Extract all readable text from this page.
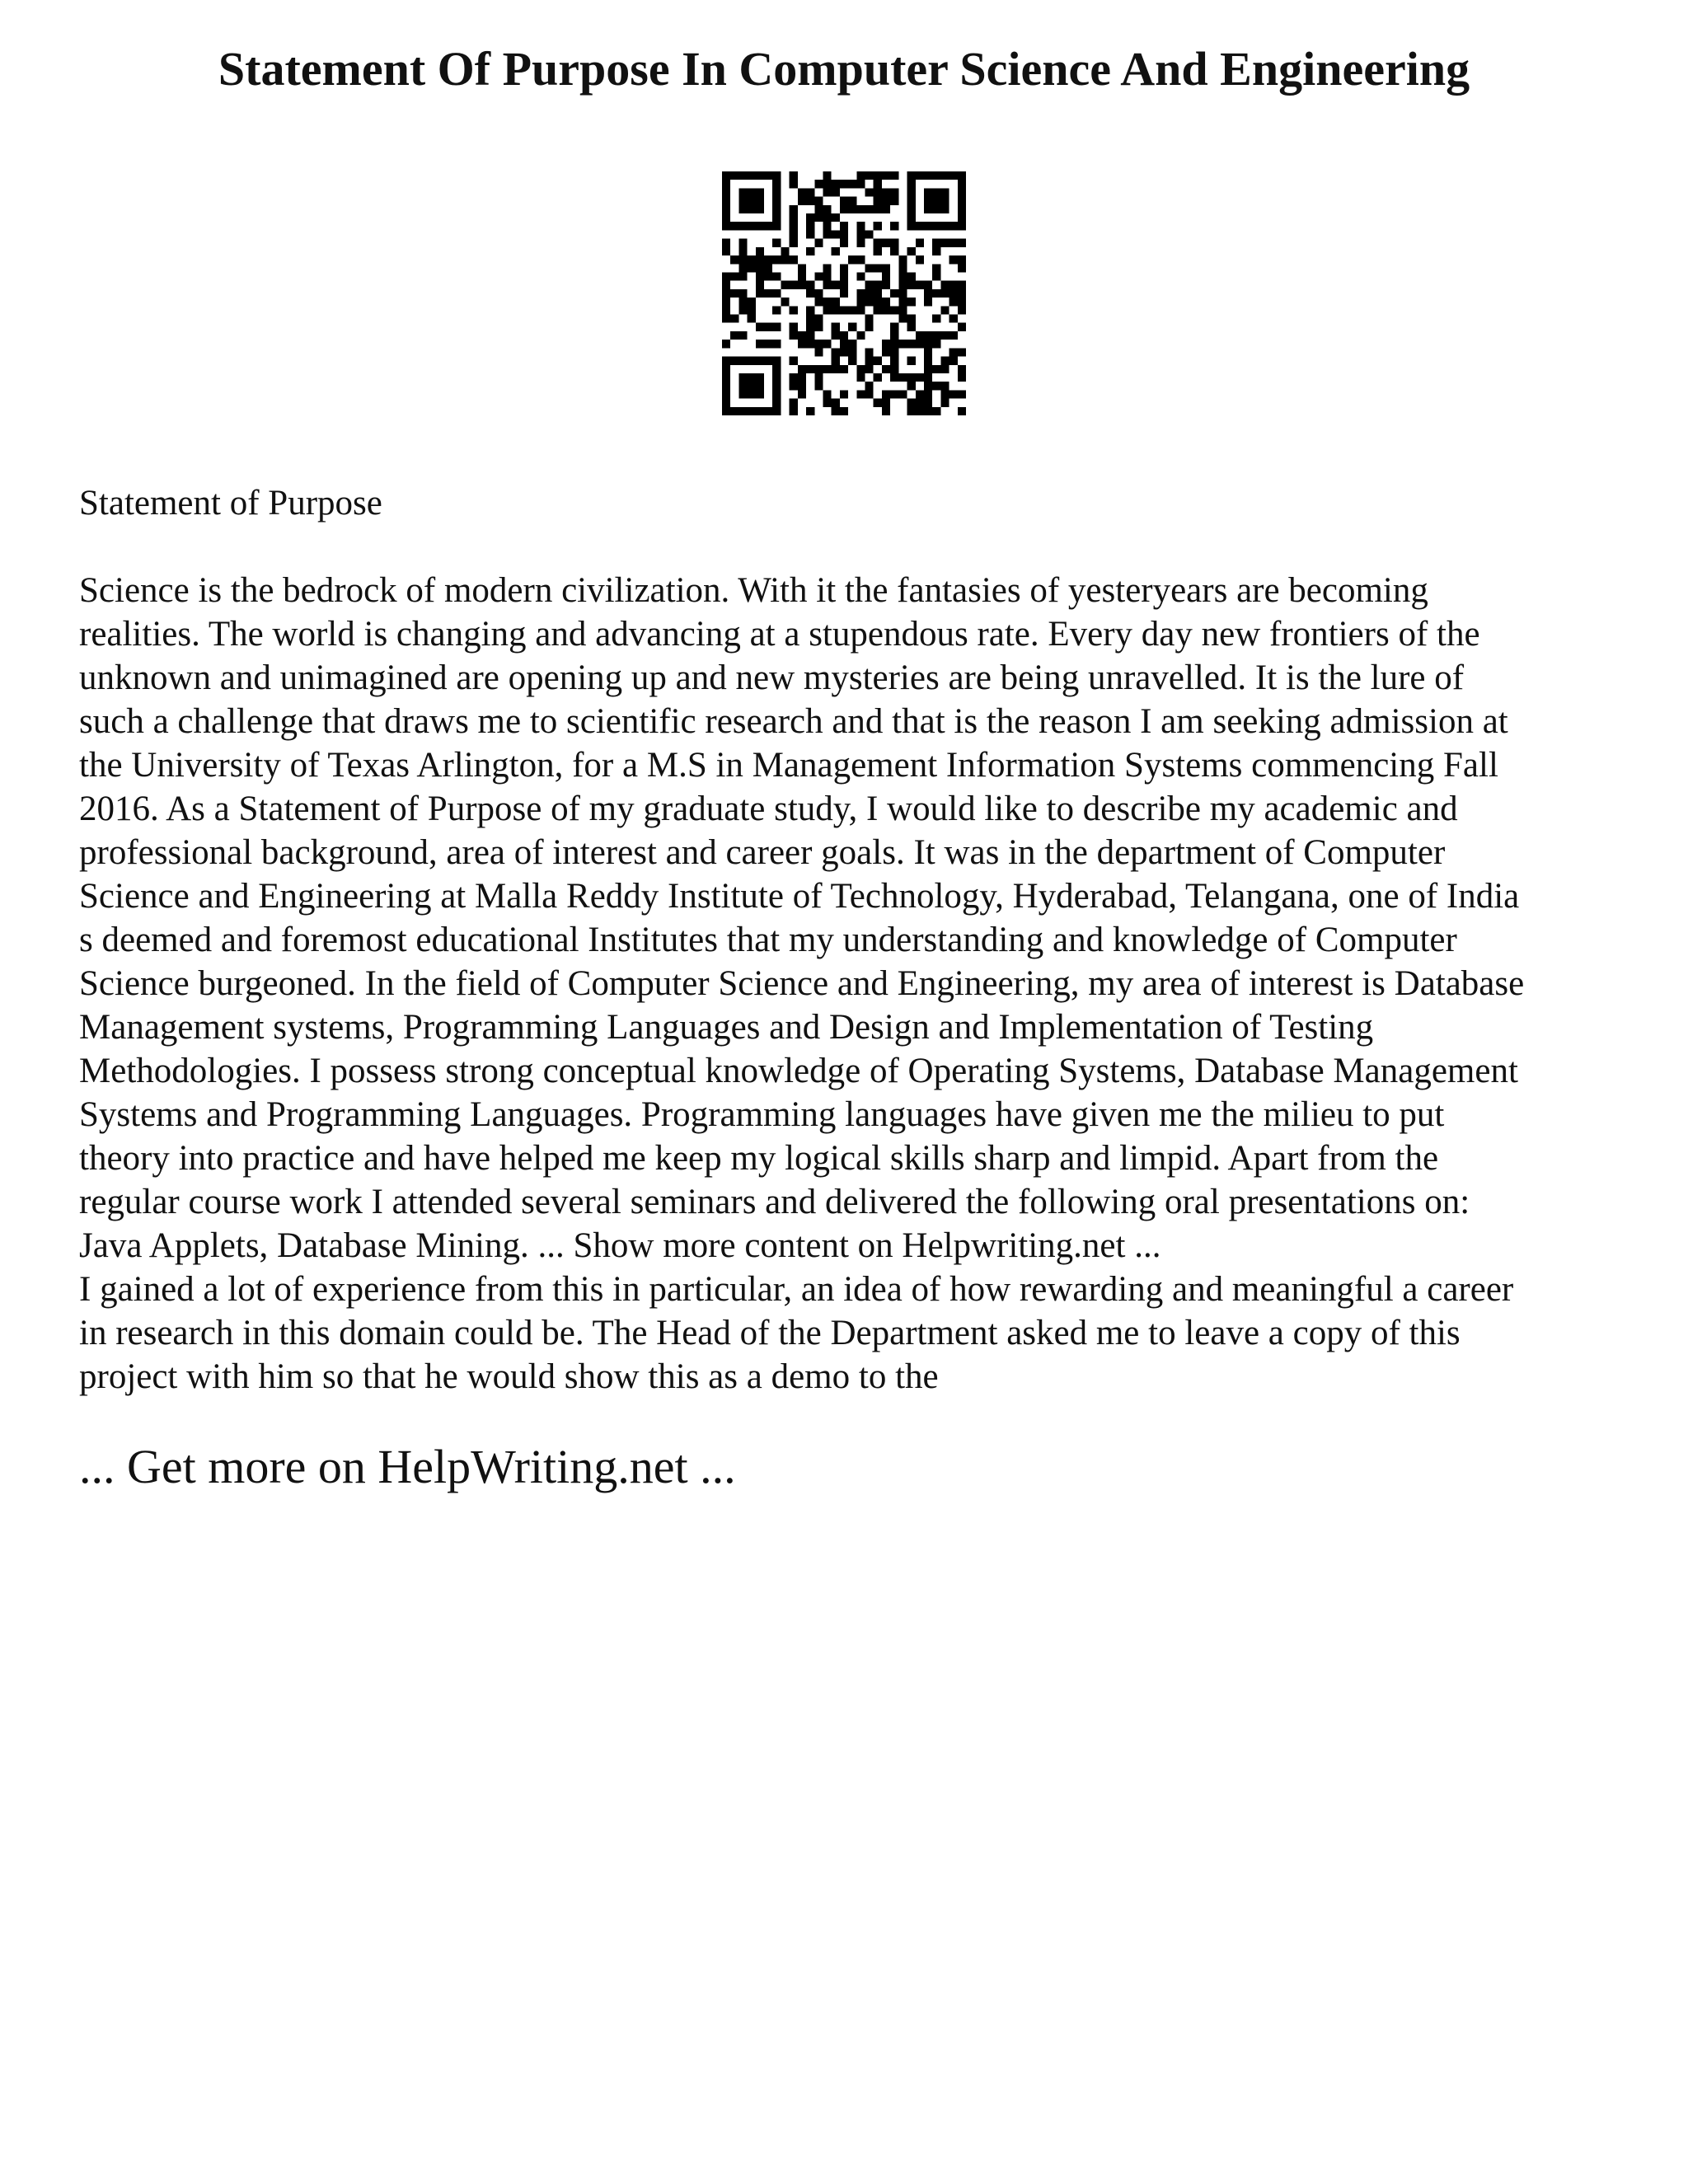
Statement Of Purpose In Computer Science And Engineering

Statement of Purpose

Science is the bedrock of modern civilization. With it the fantasies of yesteryears are becoming
realities. The world is changing and advancing at a stupendous rate. Every day new frontiers of the
unknown and unimagined are opening up and new mysteries are being unravelled. It is the lure of
such a challenge that draws me to scientific research and that is the reason I am seeking admission at
the University of Texas Arlington, for a M.S in Management Information Systems commencing Fall
2016. As a Statement of Purpose of my graduate study, I would like to describe my academic and
professional background, area of interest and career goals. It was in the department of Computer
Science and Engineering at Malla Reddy Institute of Technology, Hyderabad, Telangana, one of India
s deemed and foremost educational Institutes that my understanding and knowledge of Computer
Science burgeoned. In the field of Computer Science and Engineering, my area of interest is Database
Management systems, Programming Languages and Design and Implementation of Testing
Methodologies. I possess strong conceptual knowledge of Operating Systems, Database Management
Systems and Programming Languages. Programming languages have given me the milieu to put
theory into practice and have helped me keep my logical skills sharp and limpid. Apart from the
regular course work I attended several seminars and delivered the following oral presentations on:
Java Applets, Database Mining. ... Show more content on Helpwriting.net ...
I gained a lot of experience from this in particular, an idea of how rewarding and meaningful a career
in research in this domain could be. The Head of the Department asked me to leave a copy of this
project with him so that he would show this as a demo to the

... Get more on HelpWriting.net ...
